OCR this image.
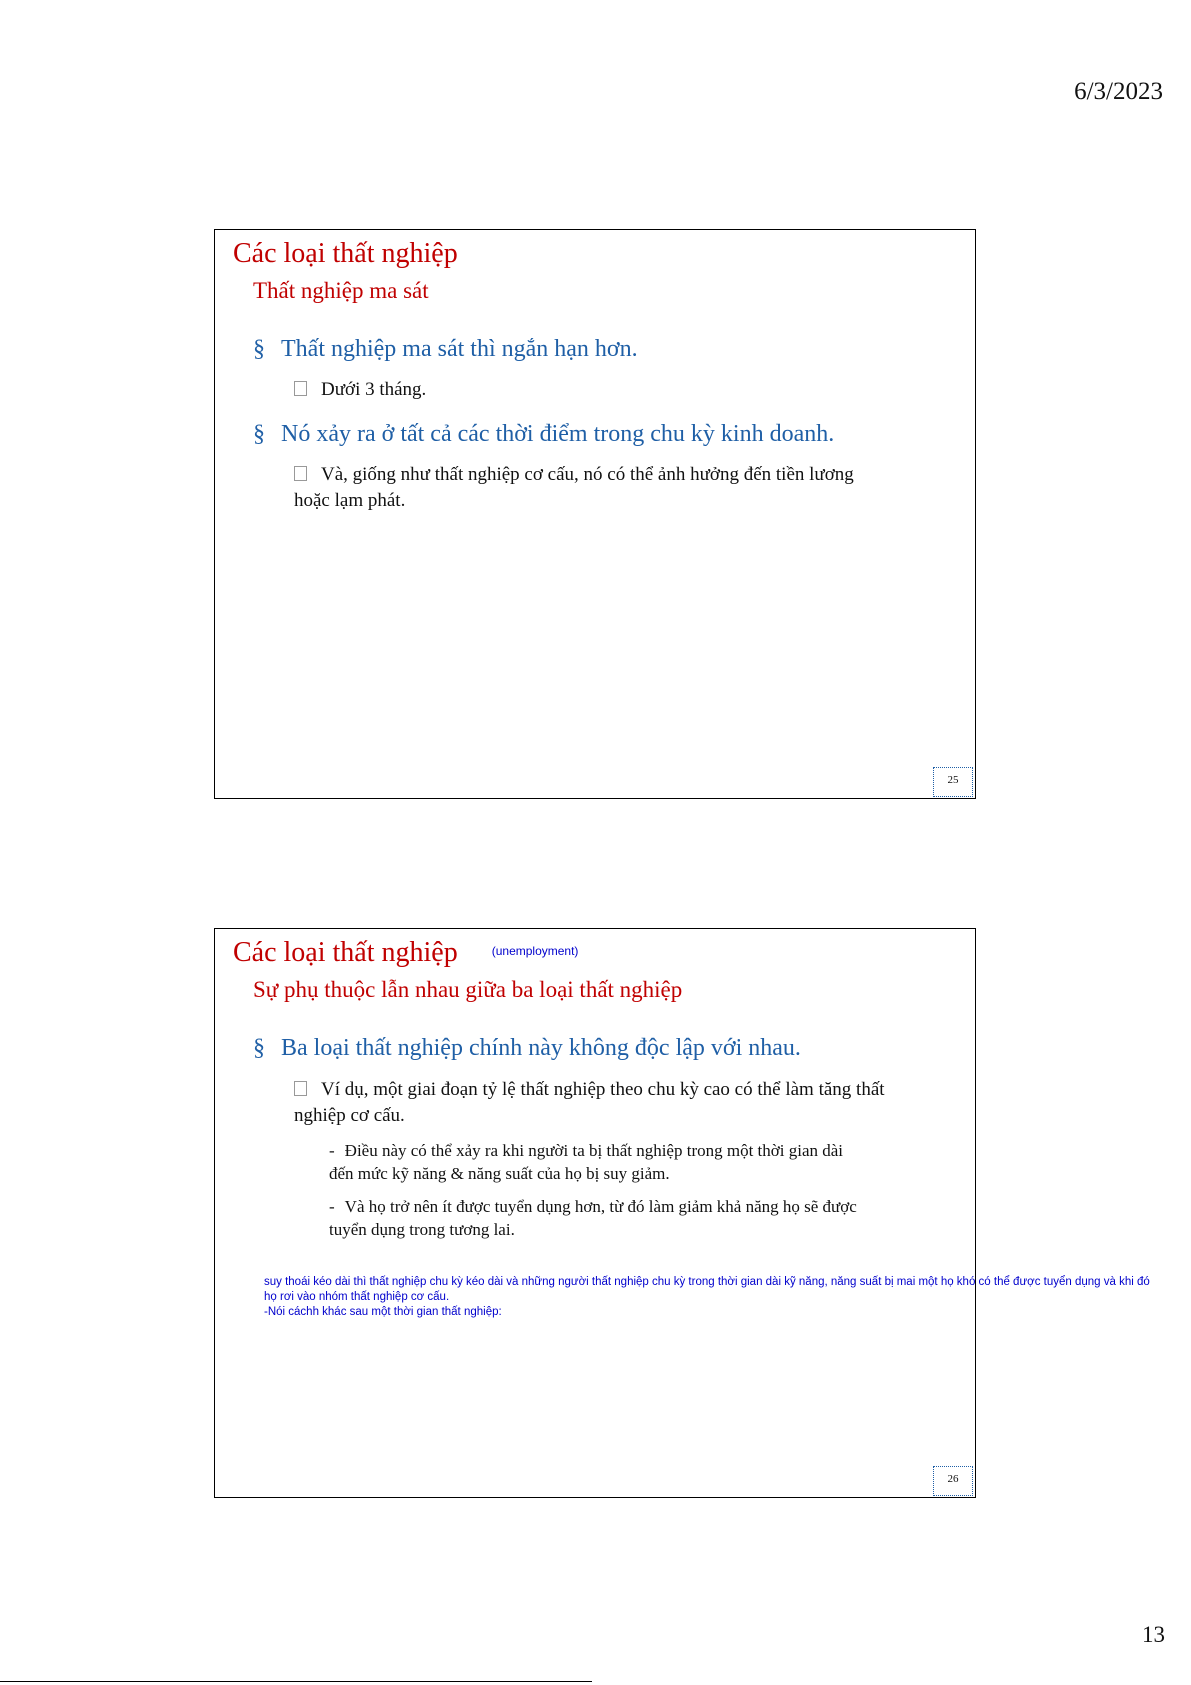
6/3/2023
Các loại thất nghiệp
Thất nghiệp ma sát
§ Thất nghiệp ma sát thì ngắn hạn hơn.
Dưới 3 tháng.
§ Nó xảy ra ở tất cả các thời điểm trong chu kỳ kinh doanh.
Và, giống như thất nghiệp cơ cấu, nó có thể ảnh hưởng đến tiền lương hoặc lạm phát.
25
Các loại thất nghiệp	$^{(unemployment)}$
Sự phụ thuộc lẫn nhau giữa ba loại thất nghiệp
§ Ba loại thất nghiệp chính này không độc lập với nhau.
Ví dụ, một giai đoạn tỷ lệ thất nghiệp theo chu kỳ cao có thể làm tăng thất nghiệp cơ cấu.
- Điều này có thể xảy ra khi người ta bị thất nghiệp trong một thời gian dài đến mức kỹ năng & năng suất của họ bị suy giảm.
- Và họ trở nên ít được tuyển dụng hơn, từ đó làm giảm khả năng họ sẽ được tuyển dụng trong tương lai.
26
suy thoái kéo dài thì thất nghiệp chu kỳ kéo dài và những người thất nghiệp chu kỳ trong thời gian dài kỹ năng, năng suất bị mai một họ khó có thể được tuyển dụng và khi đó họ rơi vào nhóm thất nghiệp cơ cấu.
-Nói cáchh khác sau một thời gian thất nghiệp:
13
